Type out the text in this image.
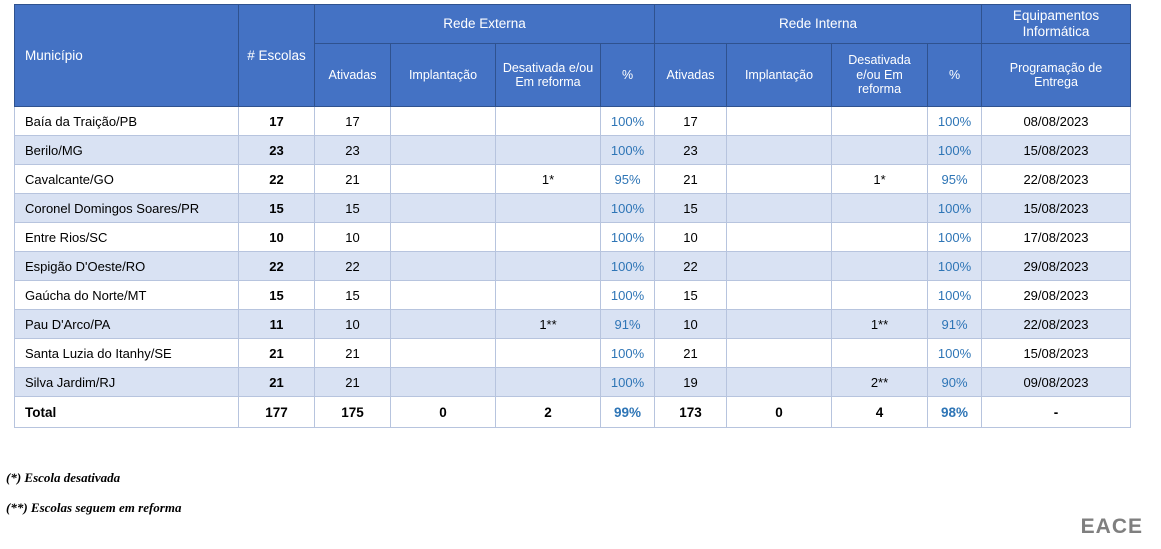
Município	# Escolas	Rede Externa				Rede Interna				Equipamentos Informática
		Ativadas	Implantação	Desativada e/ou Em reforma	%	Ativadas	Implantação	Desativada e/ou Em reforma	%	Programação de Entrega
Baía da Traição/PB	17	17			100%	17			100%	08/08/2023
Berilo/MG	23	23			100%	23			100%	15/08/2023
Cavalcante/GO	22	21		1*	95%	21		1*	95%	22/08/2023
Coronel Domingos Soares/PR	15	15			100%	15			100%	15/08/2023
Entre Rios/SC	10	10			100%	10			100%	17/08/2023
Espigão D'Oeste/RO	22	22			100%	22			100%	29/08/2023
Gaúcha do Norte/MT	15	15			100%	15			100%	29/08/2023
Pau D'Arco/PA	11	10		1**	91%	10		1**	91%	22/08/2023
Santa Luzia do Itanhy/SE	21	21			100%	21			100%	15/08/2023
Silva Jardim/RJ	21	21			100%	19		2**	90%	09/08/2023
Total	177	175	0	2	99%	173	0	4	98%	-
(*) Escola desativada
(**) Escolas seguem em reforma
EACE
